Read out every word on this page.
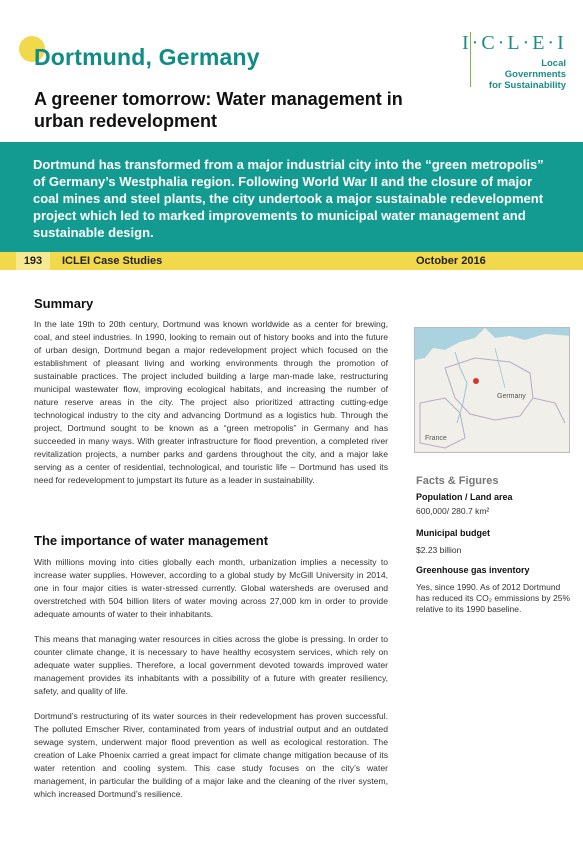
Dortmund, Germany
A greener tomorrow: Water management in urban redevelopment
I·C·L·E·I
Local
Governments
for Sustainability
Dortmund has transformed from a major industrial city into the “green metropolis” of Germany’s Westphalia region. Following World War II and the closure of major coal mines and steel plants, the city undertook a major sustainable redevelopment project which led to marked improvements to municipal water management and sustainable design.
193	ICLEI Case Studies	October 2016
Summary
In the late 19th to 20th century, Dortmund was known worldwide as a center for brewing, coal, and steel industries. In 1990, looking to remain out of history books and into the future of urban design, Dortmund began a major redevelopment project which focused on the establishment of pleasant living and working environments through the promotion of sustainable practices. The project included building a large man-made lake, restructuring municipal wastewater flow, improving ecological habitats, and increasing the number of nature reserve areas in the city. The project also prioritized attracting cutting-edge technological industry to the city and advancing Dortmund as a logistics hub. Through the project, Dortmund sought to be known as a “green metropolis” in Germany and has succeeded in many ways. With greater infrastructure for flood prevention, a completed river revitalization projects, a number parks and gardens throughout the city, and a major lake serving as a center of residential, technological, and touristic life – Dortmund has used its need for redevelopment to jumpstart its future as a leader in sustainability.
The importance of water management
With millions moving into cities globally each month, urbanization implies a necessity to increase water supplies. However, according to a global study by McGill University in 2014, one in four major cities is water-stressed currently. Global watersheds are overused and overstretched with 504 billion liters of water moving across 27,000 km in order to provide adequate amounts of water to their inhabitants.
This means that managing water resources in cities across the globe is pressing. In order to counter climate change, it is necessary to have healthy ecosystem services, which rely on adequate water supplies. Therefore, a local government devoted towards improved water management provides its inhabitants with a possibility of a future with greater resiliency, safety, and quality of life.
Dortmund’s restructuring of its water sources in their redevelopment has proven successful. The polluted Emscher River, contaminated from years of industrial output and an outdated sewage system, underwent major flood prevention as well as ecological restoration. The creation of Lake Phoenix carried a great impact for climate change mitigation because of its water retention and cooling system. This case study focuses on the city’s water management, in particular the building of a major lake and the cleaning of the river system, which increased Dortmund’s resilience.
Germany
France
Facts & Figures
Population / Land area
600,000/ 280.7 km²
Municipal budget
$2.23 billion
Greenhouse gas inventory
Yes, since 1990. As of 2012 Dortmund has reduced its CO₂ emmissions by 25% relative to its 1990 baseline.
